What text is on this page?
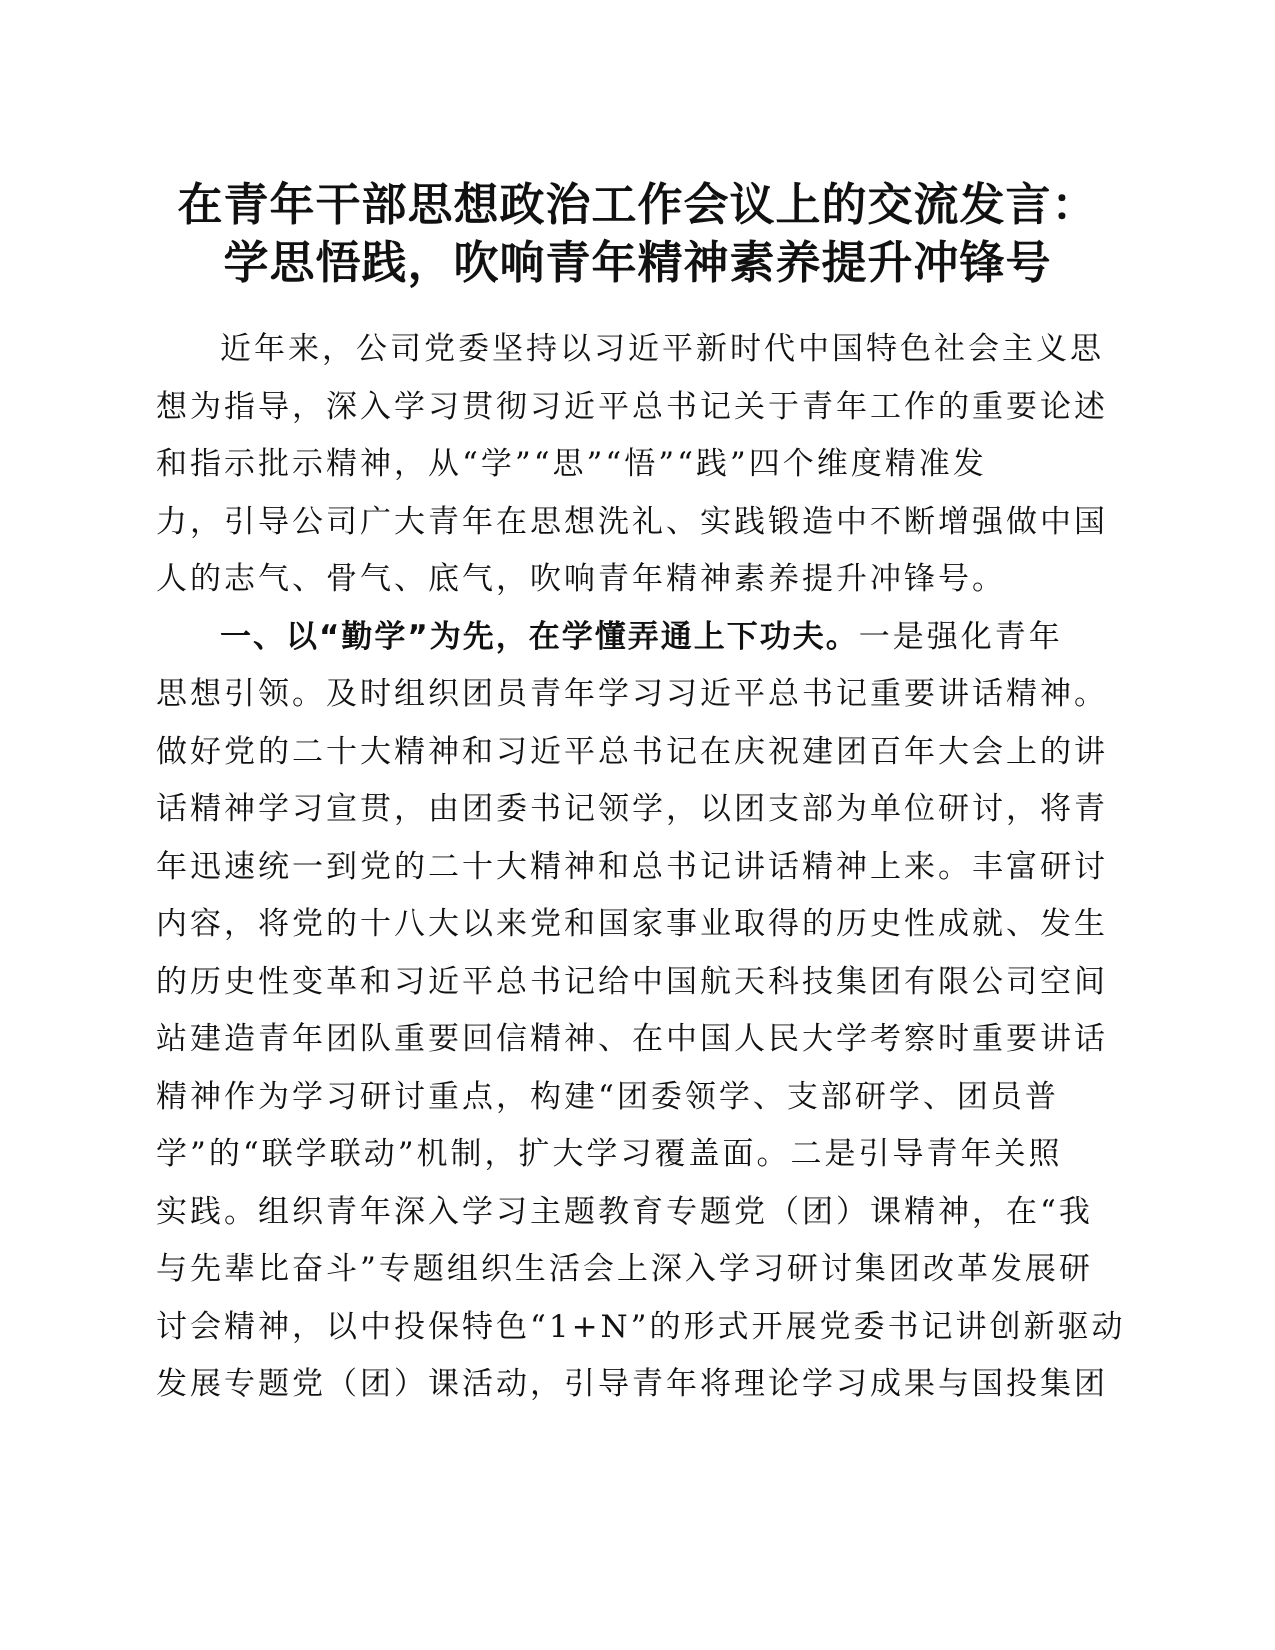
在青年干部思想政治工作会议上的交流发言：
学思悟践，吹响青年精神素养提升冲锋号

近年来，公司党委坚持以习近平新时代中国特色社会主义思
想为指导，深入学习贯彻习近平总书记关于青年工作的重要论述
和指示批示精神，从“学”“思”“悟”“践”四个维度精准发
力，引导公司广大青年在思想洗礼、实践锻造中不断增强做中国
人的志气、骨气、底气，吹响青年精神素养提升冲锋号。

一、以“勤学”为先，在学懂弄通上下功夫。一是强化青年
思想引领。及时组织团员青年学习习近平总书记重要讲话精神。
做好党的二十大精神和习近平总书记在庆祝建团百年大会上的讲
话精神学习宣贯，由团委书记领学，以团支部为单位研讨，将青
年迅速统一到党的二十大精神和总书记讲话精神上来。丰富研讨
内容，将党的十八大以来党和国家事业取得的历史性成就、发生
的历史性变革和习近平总书记给中国航天科技集团有限公司空间
站建造青年团队重要回信精神、在中国人民大学考察时重要讲话
精神作为学习研讨重点，构建“团委领学、支部研学、团员普
学”的“联学联动”机制，扩大学习覆盖面。二是引导青年关照
实践。组织青年深入学习主题教育专题党（团）课精神，在“我
与先辈比奋斗”专题组织生活会上深入学习研讨集团改革发展研
讨会精神，以中投保特色“1+N”的形式开展党委书记讲创新驱动
发展专题党（团）课活动，引导青年将理论学习成果与国投集团
